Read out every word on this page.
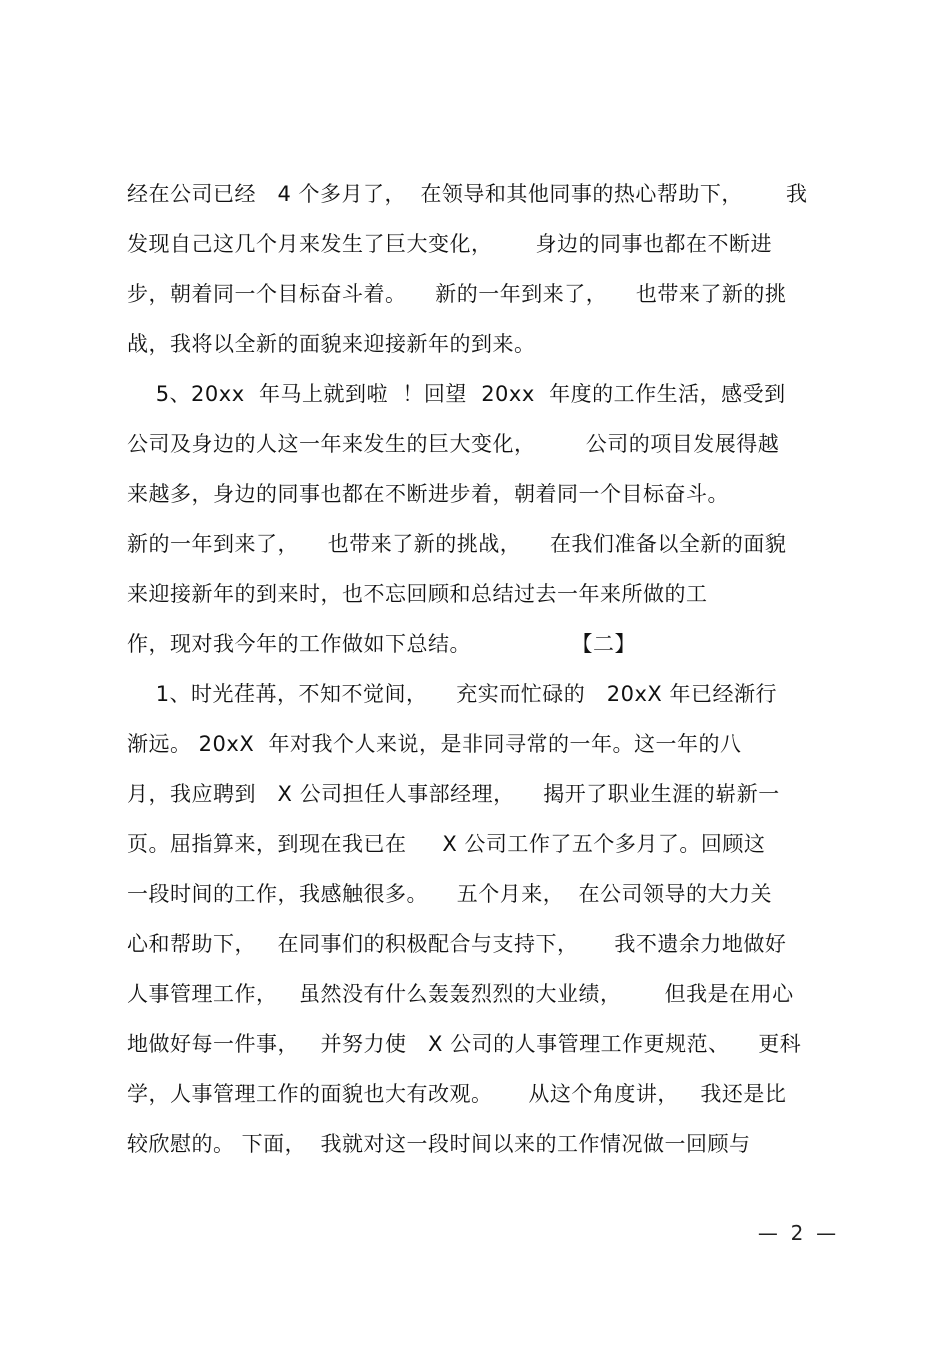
经在公司已经   4 个多月了，  在领导和其他同事的热心帮助下，      我
发现自己这几个月来发生了巨大变化，      身边的同事也都在不断进
步，朝着同一个目标奋斗着。    新的一年到来了，    也带来了新的挑
战，我将以全新的面貌来迎接新年的到来。
5、20xx  年马上就到啦  ！回望  20xx  年度的工作生活，感受到
公司及身边的人这一年来发生的巨大变化，       公司的项目发展得越
来越多，身边的同事也都在不断进步着，朝着同一个目标奋斗。
新的一年到来了，    也带来了新的挑战，    在我们准备以全新的面貌
来迎接新年的到来时，也不忘回顾和总结过去一年来所做的工
作，现对我今年的工作做如下总结。              【二】
1、时光荏苒，不知不觉间，    充实而忙碌的   20xX 年已经渐行
渐远。 20xX  年对我个人来说，是非同寻常的一年。这一年的八
月，我应聘到   X 公司担任人事部经理，    揭开了职业生涯的崭新一
页。屈指算来，到现在我已在     X 公司工作了五个多月了。回顾这
一段时间的工作，我感触很多。    五个月来，  在公司领导的大力关
心和帮助下，   在同事们的积极配合与支持下，     我不遗余力地做好
人事管理工作，   虽然没有什么轰轰烈烈的大业绩，      但我是在用心
地做好每一件事，   并努力使   X 公司的人事管理工作更规范、    更科
学，人事管理工作的面貌也大有改观。     从这个角度讲，   我还是比
较欣慰的。 下面，  我就对这一段时间以来的工作情况做一回顾与
—  2  —
